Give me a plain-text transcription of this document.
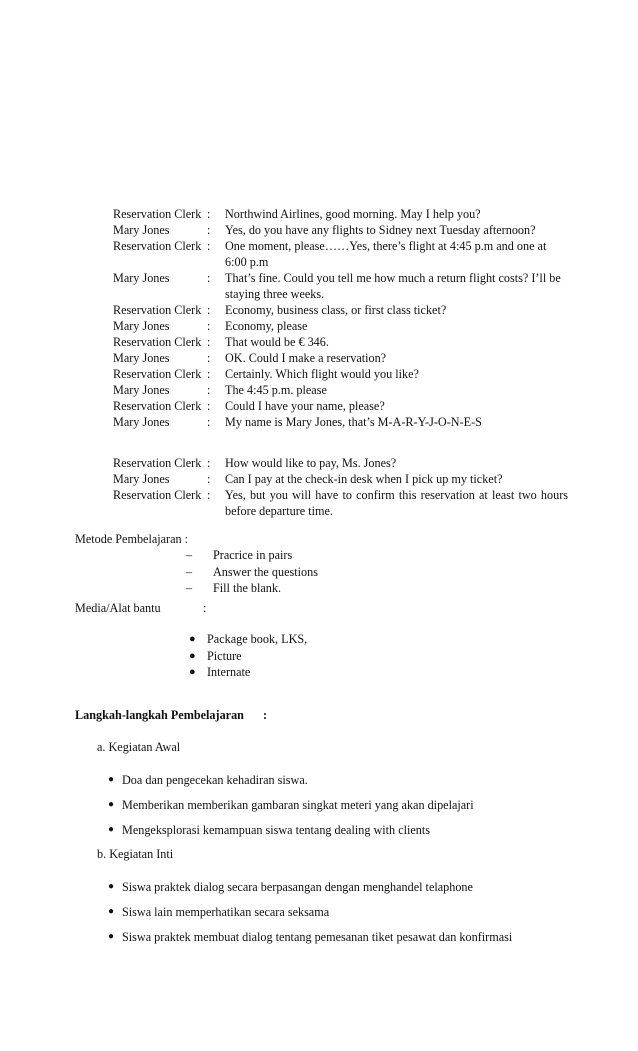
Reservation Clerk :	Northwind Airlines, good morning. May I help you?
Mary Jones	:	Yes, do you have any flights to Sidney next Tuesday afternoon?
Reservation Clerk :	One moment, please……Yes, there’s flight at 4:45 p.m and one at 6:00 p.m
Mary Jones	:	That’s fine. Could you tell me how much a return flight costs? I’ll be staying three weeks.
Reservation Clerk :	Economy, business class, or first class ticket?
Mary Jones	:	Economy, please
Reservation Clerk :	That would be € 346.
Mary Jones	:	OK. Could I make a reservation?
Reservation Clerk :	Certainly. Which flight would you like?
Mary Jones	:	The 4:45 p.m. please
Reservation Clerk :	Could I have your name, please?
Mary Jones	:	My name is Mary Jones, that’s M-A-R-Y-J-O-N-E-S
Reservation Clerk :	How would like to pay, Ms. Jones?
Mary Jones	:	Can I pay at the check-in desk when I pick up my ticket?
Reservation Clerk :	Yes, but you will have to confirm this reservation at least two hours before departure time.
Metode Pembelajaran :
–	Pracrice in pairs
–	Answer the questions
–	Fill the blank.
Media/Alat bantu	:
● Package book, LKS,
● Picture
● Internate
Langkah-langkah Pembelajaran :
a. Kegiatan Awal
● Doa dan pengecekan kehadiran siswa.
● Memberikan memberikan gambaran singkat meteri yang akan dipelajari
● Mengeksplorasi kemampuan siswa tentang dealing with clients
b. Kegiatan Inti
● Siswa praktek dialog secara berpasangan dengan menghandel telaphone
● Siswa lain memperhatikan secara seksama
● Siswa praktek membuat dialog tentang pemesanan tiket pesawat dan konfirmasi
